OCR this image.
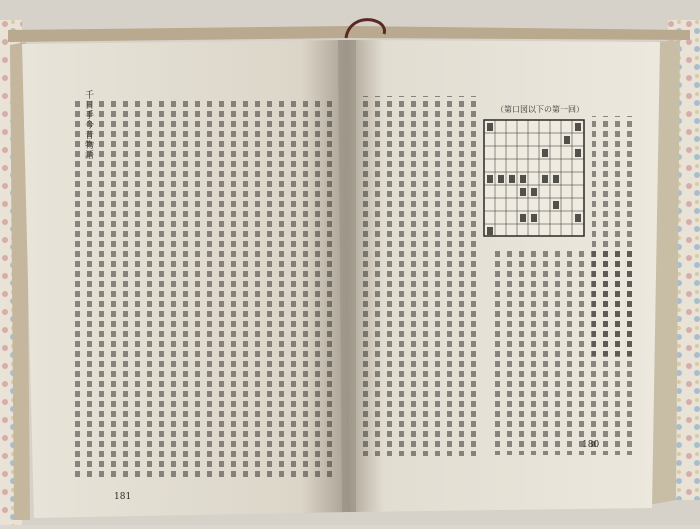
千日手今昔物語	（第口図以下の第一回）
181
180
